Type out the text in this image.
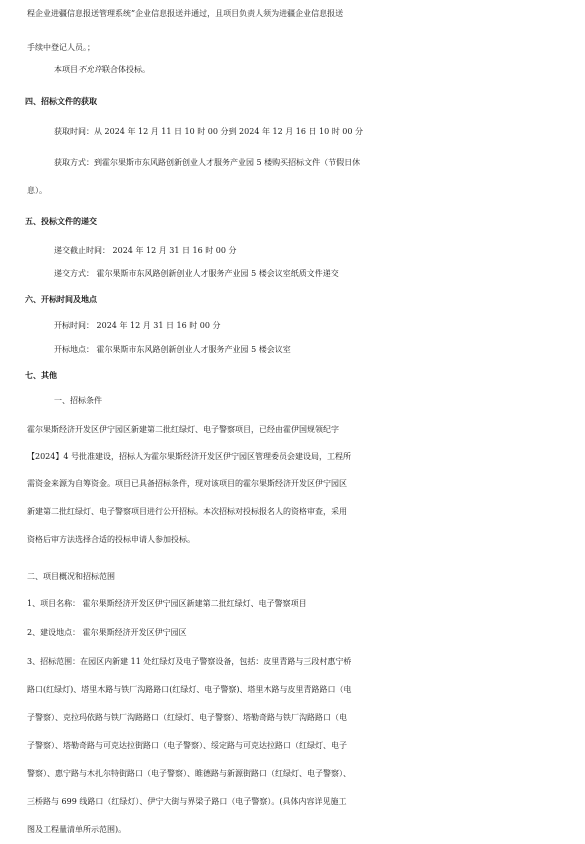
程企业进疆信息报送管理系统”企业信息报送并通过，且项目负责人须为进疆企业信息报送
手续中登记人员。；
本项目不允许联合体投标。
四、招标文件的获取
获取时间：从 2024 年 12 月 11 日 10 时 00 分到 2024 年 12 月 16 日 10 时 00 分
获取方式：到霍尔果斯市东风路创新创业人才服务产业园 5 楼购买招标文件（节假日休
息）。
五、投标文件的递交
递交截止时间： 2024 年 12 月 31 日 16 时 00 分
递交方式： 霍尔果斯市东风路创新创业人才服务产业园 5 楼会议室纸质文件递交
六、开标时间及地点
开标时间： 2024 年 12 月 31 日 16 时 00 分
开标地点： 霍尔果斯市东风路创新创业人才服务产业园 5 楼会议室
七、其他
一、招标条件
霍尔果斯经济开发区伊宁园区新建第二批红绿灯、电子警察项目，已经由霍伊国规领纪字
【2024】4 号批准建设，招标人为霍尔果斯经济开发区伊宁园区管理委员会建设局，工程所
需资金来源为自筹资金。项目已具备招标条件，现对该项目的霍尔果斯经济开发区伊宁园区
新建第二批红绿灯、电子警察项目进行公开招标。本次招标对投标报名人的资格审查，采用
资格后审方法选择合适的投标申请人参加投标。
二、项目概况和招标范围
1、项目名称： 霍尔果斯经济开发区伊宁园区新建第二批红绿灯、电子警察项目
2、建设地点： 霍尔果斯经济开发区伊宁园区
3、招标范围：在园区内新建 11 处红绿灯及电子警察设备，包括：皮里青路与三段村惠宁桥
路口(红绿灯)、塔里木路与铁厂沟路路口(红绿灯、电子警察)、塔里木路与皮里青路路口（电
子警察）、克拉玛依路与铁厂沟路路口（红绿灯、电子警察）、塔勒奇路与铁厂沟路路口（电
子警察）、塔勒奇路与可克达拉街路口（电子警察）、绥定路与可克达拉路口（红绿灯、电子
警察）、惠宁路与木扎尔特街路口（电子警察）、睢德路与新源街路口（红绿灯、电子警察）、
三桥路与 699 线路口（红绿灯）、伊宁大街与界梁子路口（电子警察）。(具体内容详见施工
图及工程量清单所示范围)。
